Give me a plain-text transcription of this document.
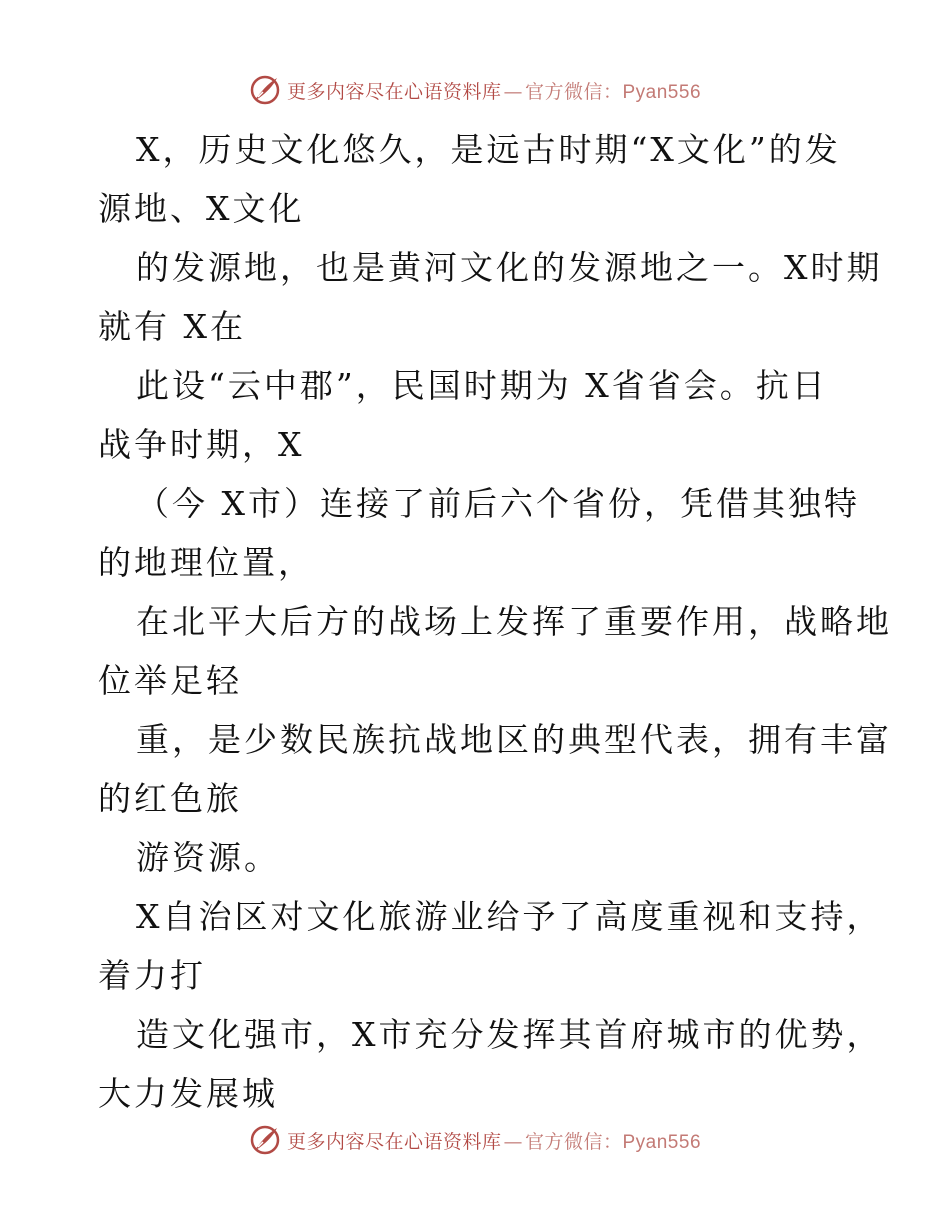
更多内容尽在心语资料库 — 官方微信：Pyan556
X，历史文化悠久，是远古时期“X文化”的发
源地、X文化
的发源地，也是黄河文化的发源地之一。X时期
就有 X在
此设“云中郡”，民国时期为 X省省会。抗日
战争时期，X
（今 X市）连接了前后六个省份，凭借其独特
的地理位置，
在北平大后方的战场上发挥了重要作用，战略地
位举足轻
重，是少数民族抗战地区的典型代表，拥有丰富
的红色旅
游资源。
X自治区对文化旅游业给予了高度重视和支持，
着力打
造文化强市，X市充分发挥其首府城市的优势，
大力发展城
更多内容尽在心语资料库 — 官方微信：Pyan556
